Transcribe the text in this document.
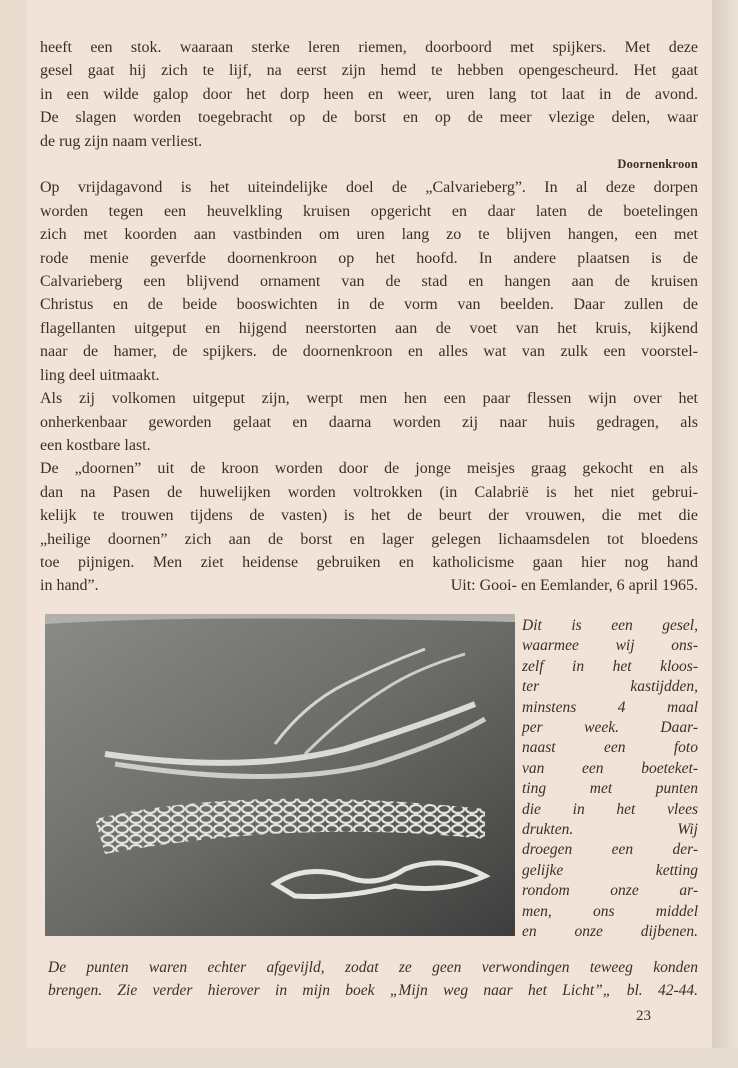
heeft een stok. waaraan sterke leren riemen, doorboord met spijkers. Met deze
gesel gaat hij zich te lijf, na eerst zijn hemd te hebben opengescheurd. Het gaat
in een wilde galop door het dorp heen en weer, uren lang tot laat in de avond.
De slagen worden toegebracht op de borst en op de meer vlezige delen, waar
de rug zijn naam verliest.
Doornenkroon
Op vrijdagavond is het uiteindelijke doel de „Calvarieberg”. In al deze dorpen
worden tegen een heuvelkling kruisen opgericht en daar laten de boetelingen
zich met koorden aan vastbinden om uren lang zo te blijven hangen, een met
rode menie geverfde doornenkroon op het hoofd. In andere plaatsen is de
Calvarieberg een blijvend ornament van de stad en hangen aan de kruisen
Christus en de beide booswichten in de vorm van beelden. Daar zullen de
flagellanten uitgeput en hijgend neerstorten aan de voet van het kruis, kijkend
naar de hamer, de spijkers. de doornenkroon en alles wat van zulk een voorstel-
ling deel uitmaakt.
Als zij volkomen uitgeput zijn, werpt men hen een paar flessen wijn over het
onherkenbaar geworden gelaat en daarna worden zij naar huis gedragen, als
een kostbare last.
De „doornen” uit de kroon worden door de jonge meisjes graag gekocht en als
dan na Pasen de huwelijken worden voltrokken (in Calabrië is het niet gebrui-
kelijk te trouwen tijdens de vasten) is het de beurt der vrouwen, die met die
„heilige doornen” zich aan de borst en lager gelegen lichaamsdelen tot bloedens
toe pijnigen. Men ziet heidense gebruiken en katholicisme gaan hier nog hand
in hand”.	Uit: Gooi- en Eemlander, 6 april 1965.
Dit is een gesel,
waarmee wij ons-
zelf in het kloos-
ter kastijdden,
minstens 4 maal
per week. Daar-
naast een foto
van een boeteket-
ting met punten
die in het vlees
drukten. Wij
droegen een der-
gelijke ketting
rondom onze ar-
men, ons middel
en onze dijbenen.
De punten waren echter afgevijld, zodat ze geen verwondingen teweeg konden
brengen. Zie verder hierover in mijn boek „Mijn weg naar het Licht”„ bl. 42-44.
23
